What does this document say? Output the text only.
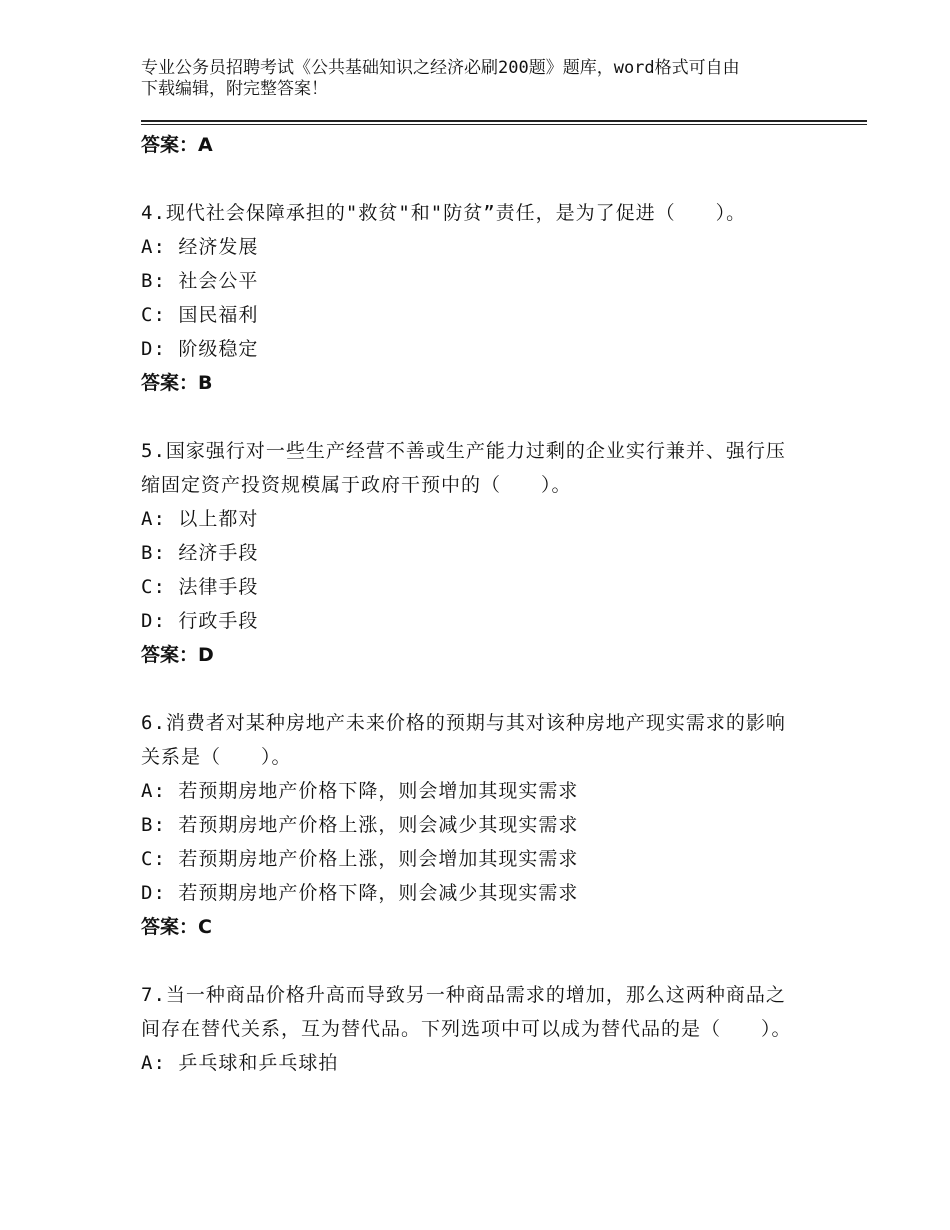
专业公务员招聘考试《公共基础知识之经济必刷200题》题库，word格式可自由
下载编辑，附完整答案！
答案：A
4.现代社会保障承担的"救贫"和"防贫”责任，是为了促进（　　）。
A: 经济发展
B: 社会公平
C: 国民福利
D: 阶级稳定
答案：B
5.国家强行对一些生产经营不善或生产能力过剩的企业实行兼并、强行压缩固定资产投资规模属于政府干预中的（　　）。
A: 以上都对
B: 经济手段
C: 法律手段
D: 行政手段
答案：D
6.消费者对某种房地产未来价格的预期与其对该种房地产现实需求的影响关系是（　　）。
A: 若预期房地产价格下降，则会增加其现实需求
B: 若预期房地产价格上涨，则会减少其现实需求
C: 若预期房地产价格上涨，则会增加其现实需求
D: 若预期房地产价格下降，则会减少其现实需求
答案：C
7.当一种商品价格升高而导致另一种商品需求的增加，那么这两种商品之间存在替代关系，互为替代品。下列选项中可以成为替代品的是（　　）。
A: 乒乓球和乒乓球拍
